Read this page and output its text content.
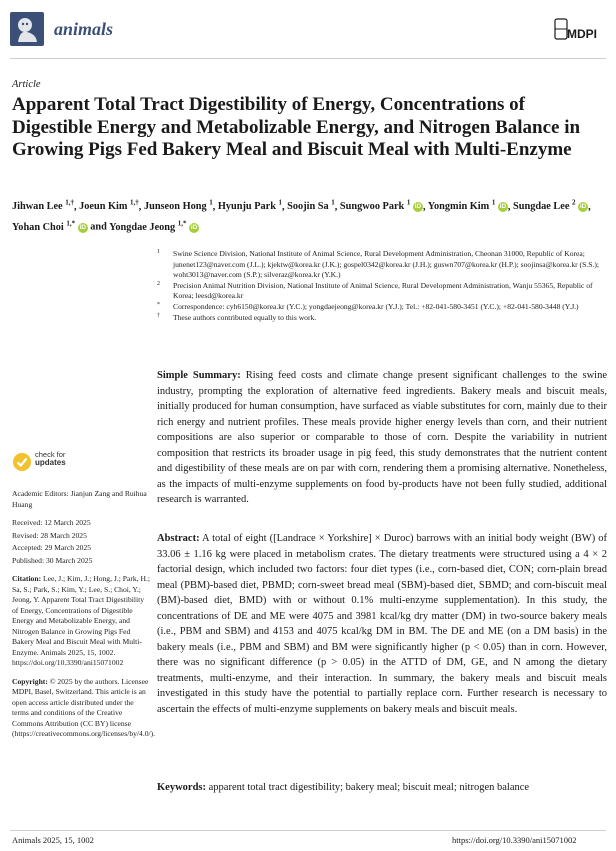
animals	MDPI
Article
Apparent Total Tract Digestibility of Energy, Concentrations of Digestible Energy and Metabolizable Energy, and Nitrogen Balance in Growing Pigs Fed Bakery Meal and Biscuit Meal with Multi-Enzyme
Jihwan Lee $^{1,\dagger}$, Joeun Kim $^{1,\dagger}$, Junseon Hong $^1$, Hyunju Park $^1$, Soojin Sa $^1$, Sungwoo Park $^1$ iD , Yongmin Kim $^1$ iD , Sungdae Lee $^2$ iD , Yohan Choi $^{1,*}$ iD and Yongdae Jeong $^{1,*}$ iD
1 Swine Science Division, National Institute of Animal Science, Rural Development Administration, Cheonan 31000, Republic of Korea; junenet123@naver.com (J.L.); kjektw@korea.kr (J.K.); gospel0342@korea.kr (J.H.); guswn707@korea.kr (H.P.); soojinsa@korea.kr (S.S.); woht3013@naver.com (S.P.); silveraz@korea.kr (Y.K.)
2 Precision Animal Nutrition Division, National Institute of Animal Science, Rural Development Administration, Wanju 55365, Republic of Korea; leesd@korea.kr
* Correspondence: cyh6150@korea.kr (Y.C.); yongdaejeong@korea.kr (Y.J.); Tel.: +82-041-580-3451 (Y.C.); +82-041-580-3448 (Y.J.)
† These authors contributed equally to this work.
Simple Summary: Rising feed costs and climate change present significant challenges to the swine industry, prompting the exploration of alternative feed ingredients. Bakery meals and biscuit meals, initially produced for human consumption, have surfaced as viable substitutes for corn, mainly due to their rich energy and nutrient profiles. These meals provide higher energy levels than corn, and their nutrient compositions are also superior or comparable to those of corn. Despite the variability in nutrient composition that restricts its broader usage in pig feed, this study demonstrates that the nutrient content and digestibility of these meals are on par with corn, rendering them a promising alternative. Nonetheless, as the impacts of multi-enzyme supplements on food by-products have not been fully studied, additional research is warranted.
check for
updates
Academic Editors: Jianjun Zang and Ruihua Huang
Received: 12 March 2025
Revised: 28 March 2025
Accepted: 29 March 2025
Published: 30 March 2025
Citation: Lee, J.; Kim, J.; Hong, J.; Park, H.; Sa, S.; Park, S.; Kim, Y.; Lee, S.; Choi, Y.; Jeong, Y. Apparent Total Tract Digestibility of Energy, Concentrations of Digestible Energy and Metabolizable Energy, and Nitrogen Balance in Growing Pigs Fed Bakery Meal and Biscuit Meal with Multi-Enzyme. Animals 2025, 15, 1002. https://doi.org/10.3390/ani15071002
Copyright: © 2025 by the authors. Licensee MDPI, Basel, Switzerland. This article is an open access article distributed under the terms and conditions of the Creative Commons Attribution (CC BY) license (https://creativecommons.org/licenses/by/4.0/).
Abstract: A total of eight ([Landrace × Yorkshire] × Duroc) barrows with an initial body weight (BW) of 33.06 ± 1.16 kg were placed in metabolism crates. The dietary treatments were structured using a 4 × 2 factorial design, which included two factors: four diet types (i.e., corn-based diet, CON; corn-plain bread meal (PBM)-based diet, PBMD; corn-sweet bread meal (SBM)-based diet, SBMD; and corn-biscuit meal (BM)-based diet, BMD) with or without 0.1% multi-enzyme supplementation). In this study, the concentrations of DE and ME were 4075 and 3981 kcal/kg dry matter (DM) in two-source bakery meals (i.e., PBM and SBM) and 4153 and 4075 kcal/kg DM in BM. The DE and ME (on a DM basis) in the bakery meals (i.e., PBM and SBM) and BM were significantly higher (p < 0.05) than in corn. However, there was no significant difference (p > 0.05) in the ATTD of DM, GE, and N among the dietary treatments, multi-enzyme, and their interaction. In summary, the bakery meals and biscuit meals investigated in this study have the potential to partially replace corn. Further research is necessary to ascertain the effects of multi-enzyme supplements on bakery meals and biscuit meals.
Keywords: apparent total tract digestibility; bakery meal; biscuit meal; nitrogen balance
Animals 2025, 15, 1002	https://doi.org/10.3390/ani15071002
